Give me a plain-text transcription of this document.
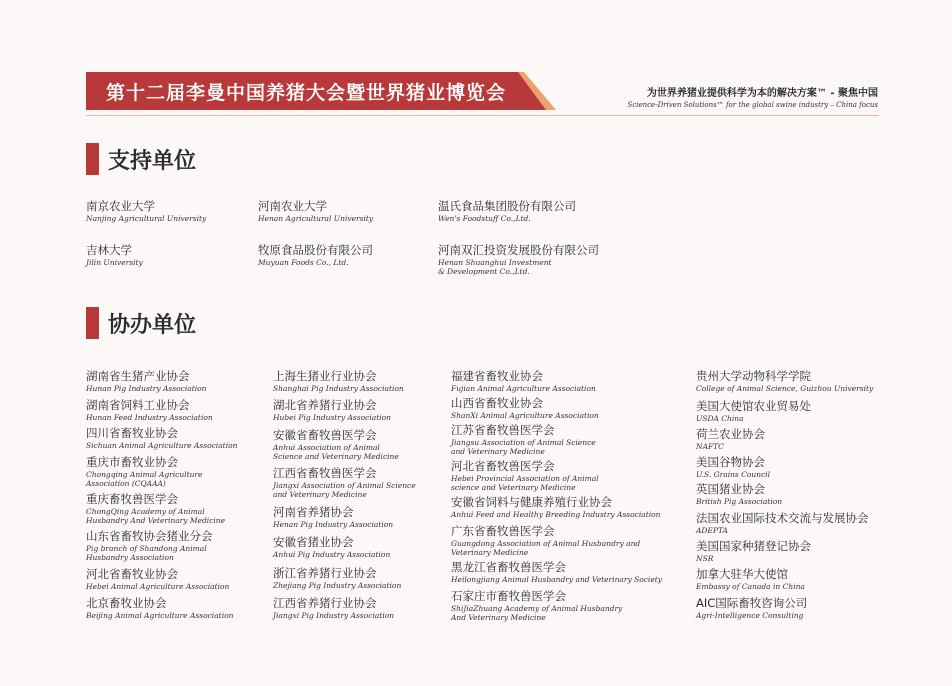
第十二届李曼中国养猪大会暨世界猪业博览会	为世界养猪业提供科学为本的解决方案™ - 聚焦中国
Science-Driven Solutions™ for the global swine industry – China focus
支持单位
南京农业大学
Nanjing Agricultural University
河南农业大学
Henan Agricultural University
温氏食品集团股份有限公司
Wen's Foodstuff Co.,Ltd.
吉林大学
Jilin University
牧原食品股份有限公司
Muyuan Foods Co., Ltd.
河南双汇投资发展股份有限公司
Henan Shuanghui Investment
& Development Co.,Ltd.
协办单位
湖南省生猪产业协会
Hunan Pig Industry Association
湖南省饲料工业协会
Hunan Feed Industry Association
四川省畜牧业协会
Sichuan Animal Agriculture Association
重庆市畜牧业协会
Chongqing Animal Agriculture
Association (CQAAA)
重庆畜牧兽医学会
ChongQing Academy of Animal
Husbandry And Veterinary Medicine
山东省畜牧协会猪业分会
Pig branch of Shandong Animal
Husbandry Association
河北省畜牧业协会
Hebei Animal Agriculture Association
北京畜牧业协会
Beijing Animal Agriculture Association
上海生猪业行业协会
Shanghai Pig Industry Association
湖北省养猪行业协会
Hubei Pig Industry Association
安徽省畜牧兽医学会
Anhui Association of Animal
Science and Veterinary Medicine
江西省畜牧兽医学会
Jiangxi Association of Animal Science
and Veterinary Medicine
河南省养猪协会
Henan Pig Industry Association
安徽省猪业协会
Anhui Pig Industry Association
浙江省养猪行业协会
Zhejiang Pig Industry Association
江西省养猪行业协会
Jiangxi Pig Industry Association
福建省畜牧业协会
Fujian Animal Agriculture Association
山西省畜牧业协会
ShanXi Animal Agriculture Association
江苏省畜牧兽医学会
Jiangsu Association of Animal Science
and Veterinary Medicine
河北省畜牧兽医学会
Hebei Provincial Association of Animal
science and Veterinary Medicine
安徽省饲料与健康养殖行业协会
Anhui Feed and Healthy Breeding Industry Association
广东省畜牧兽医学会
Guangdong Association of Animal Husbandry and
Veterinary Medicine
黑龙江省畜牧兽医学会
Heilongjiang Animal Husbandry and Veterinary Society
石家庄市畜牧兽医学会
ShiJiaZhuang Academy of Animal Husbandry
And Veterinary Medicine
贵州大学动物科学学院
College of Animal Science, Guizhou University
美国大使馆农业贸易处
USDA China
荷兰农业协会
NAFTC
美国谷物协会
U.S. Grains Council
英国猪业协会
British Pig Association
法国农业国际技术交流与发展协会
ADEPTA
美国国家种猪登记协会
NSR
加拿大驻华大使馆
Embassy of Canada in China
AIC国际畜牧咨询公司
Agri-Intelligence Consulting
